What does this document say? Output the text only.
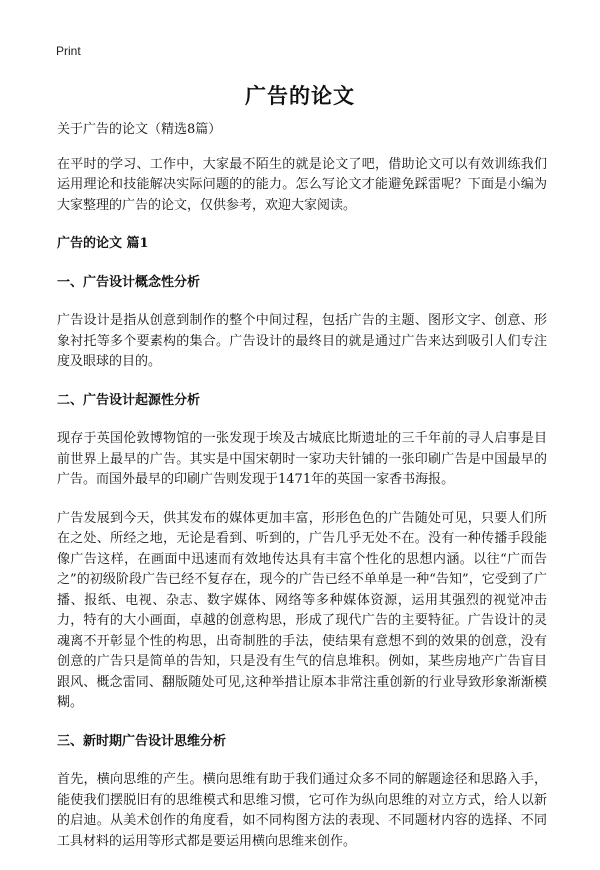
Print

广告的论文

关于广告的论文（精选8篇）

在平时的学习、工作中，大家最不陌生的就是论文了吧，借助论文可以有效训练我们运用理论和技能解决实际问题的的能力。怎么写论文才能避免踩雷呢？下面是小编为大家整理的广告的论文，仅供参考，欢迎大家阅读。

广告的论文 篇1

一、广告设计概念性分析

广告设计是指从创意到制作的整个中间过程，包括广告的主题、图形文字、创意、形象衬托等多个要素构的集合。广告设计的最终目的就是通过广告来达到吸引人们专注度及眼球的目的。

二、广告设计起源性分析

现存于英国伦敦博物馆的一张发现于埃及古城底比斯遗址的三千年前的寻人启事是目前世界上最早的广告。其实是中国宋朝时一家功夫针铺的一张印刷广告是中国最早的广告。而国外最早的印刷广告则发现于1471年的英国一家香书海报。

广告发展到今天，供其发布的媒体更加丰富，形形色色的广告随处可见，只要人们所在之处、所经之地，无论是看到、听到的，广告几乎无处不在。没有一种传播手段能像广告这样，在画面中迅速而有效地传达具有丰富个性化的思想内涵。以往“广而告之”的初级阶段广告已经不复存在，现今的广告已经不单单是一种“告知”，它受到了广播、报纸、电视、杂志、数字媒体、网络等多种媒体资源，运用其强烈的视觉冲击力，特有的大小画面，卓越的创意构思，形成了现代广告的主要特征。广告设计的灵魂离不开彰显个性的构思，出奇制胜的手法，使结果有意想不到的效果的创意，没有创意的广告只是简单的告知，只是没有生气的信息堆积。例如，某些房地产广告盲目跟风、概念雷同、翻版随处可见,这种举措让原本非常注重创新的行业导致形象渐渐模糊。

三、新时期广告设计思维分析

首先，横向思维的产生。横向思维有助于我们通过众多不同的解题途径和思路入手，能使我们摆脱旧有的思维模式和思维习惯，它可作为纵向思维的对立方式，给人以新的启迪。从美术创作的角度看，如不同构图方法的表现、不同题材内容的选择、不同工具材料的运用等形式都是要运用横向思维来创作。
